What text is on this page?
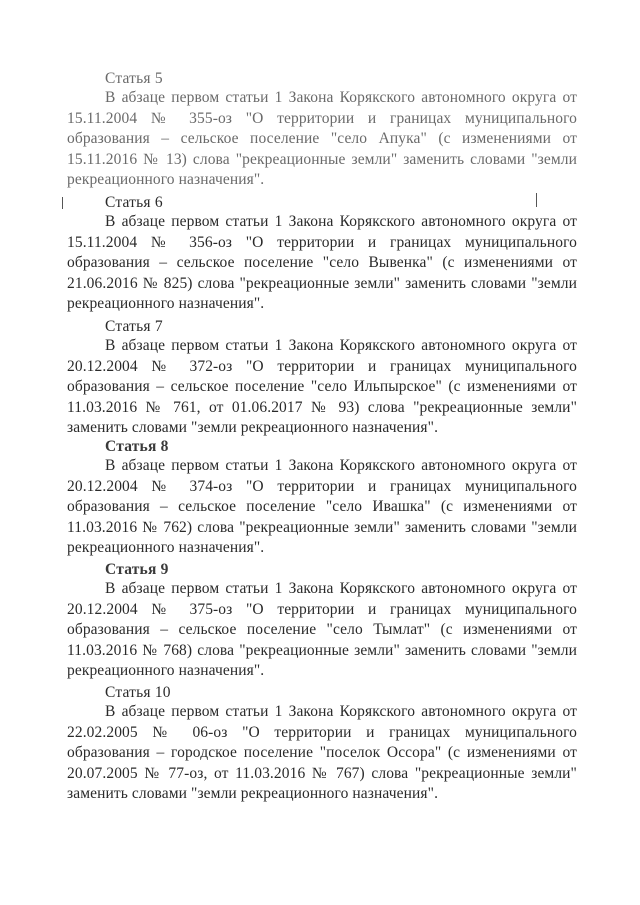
Статья 5

В абзаце первом статьи 1 Закона Корякского автономного округа от 15.11.2004 № 355-оз "О территории и границах муниципального образования – сельское поселение "село Апука" (с изменениями от 15.11.2016 № 13) слова "рекреационные земли" заменить словами "земли рекреационного назначения".

Статья 6

В абзаце первом статьи 1 Закона Корякского автономного округа от 15.11.2004 № 356-оз "О территории и границах муниципального образования – сельское поселение "село Вывенка" (с изменениями от 21.06.2016 № 825) слова "рекреационные земли" заменить словами "земли рекреационного назначения".

Статья 7

В абзаце первом статьи 1 Закона Корякского автономного округа от 20.12.2004 № 372-оз "О территории и границах муниципального образования – сельское поселение "село Ильпырское" (с изменениями от 11.03.2016 № 761, от 01.06.2017 № 93) слова "рекреационные земли" заменить словами "земли рекреационного назначения".

Статья 8

В абзаце первом статьи 1 Закона Корякского автономного округа от 20.12.2004 № 374-оз "О территории и границах муниципального образования – сельское поселение "село Ивашка" (с изменениями от 11.03.2016 № 762) слова "рекреационные земли" заменить словами "земли рекреационного назначения".

Статья 9

В абзаце первом статьи 1 Закона Корякского автономного округа от 20.12.2004 № 375-оз "О территории и границах муниципального образования – сельское поселение "село Тымлат" (с изменениями от 11.03.2016 № 768) слова "рекреационные земли" заменить словами "земли рекреационного назначения".

Статья 10

В абзаце первом статьи 1 Закона Корякского автономного округа от 22.02.2005 № 06-оз "О территории и границах муниципального образования – городское поселение "поселок Оссора" (с изменениями от 20.07.2005 № 77-оз, от 11.03.2016 № 767) слова "рекреационные земли" заменить словами "земли рекреационного назначения".
